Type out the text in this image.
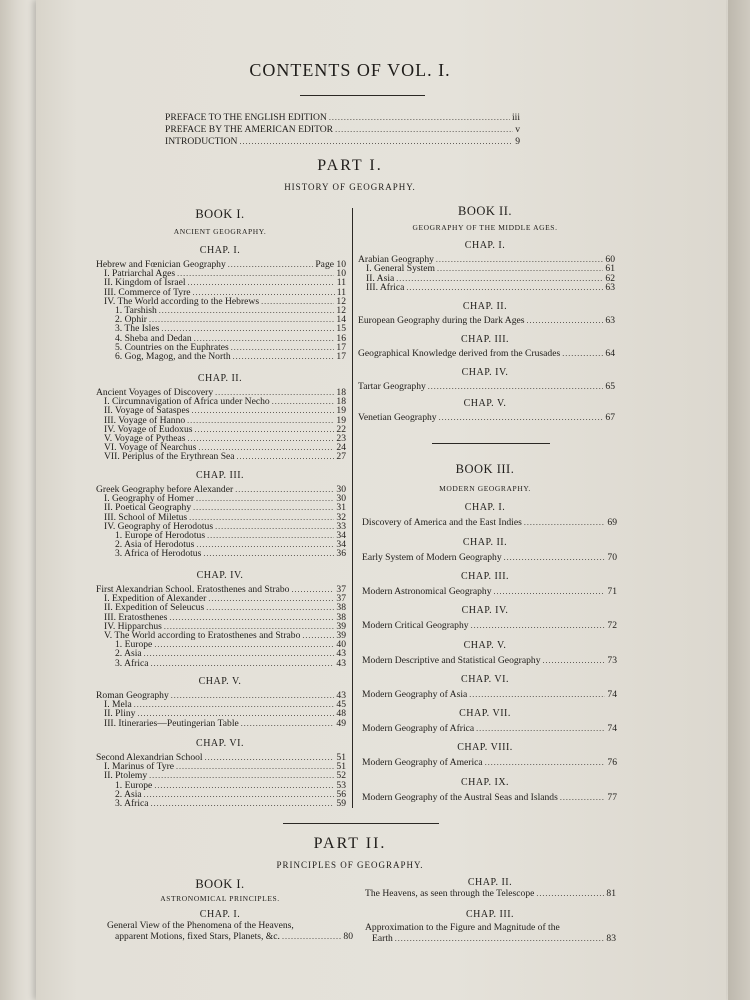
CONTENTS OF VOL. I.
PREFACE TO THE ENGLISH EDITION .....	iii
PREFACE BY THE AMERICAN EDITOR .....	v
INTRODUCTION .....	9
PART I.
HISTORY OF GEOGRAPHY.
BOOK I.
ANCIENT GEOGRAPHY.
CHAP. I.
Hebrew and Fœnician Geography .....	Page 10
I. Patriarchal Ages .....	10
II. Kingdom of Israel .....	11
III. Commerce of Tyre .....	11
IV. The World according to the Hebrews .....	12
1. Tarshish .....	12
2. Ophir .....	14
3. The Isles .....	15
4. Sheba and Dedan .....	16
5. Countries on the Euphrates .....	17
6. Gog, Magog, and the North .....	17
CHAP. II.
Ancient Voyages of Discovery .....	18
I. Circumnavigation of Africa under Necho .....	18
II. Voyage of Sataspes .....	19
III. Voyage of Hanno .....	19
IV. Voyage of Eudoxus .....	22
V. Voyage of Pytheas .....	23
VI. Voyage of Nearchus .....	24
VII. Periplus of the Erythrean Sea .....	27
CHAP. III.
Greek Geography before Alexander .....	30
I. Geography of Homer .....	30
II. Poetical Geography .....	31
III. School of Miletus .....	32
IV. Geography of Herodotus .....	33
1. Europe of Herodotus .....	34
2. Asia of Herodotus .....	34
3. Africa of Herodotus .....	36
CHAP. IV.
First Alexandrian School. Eratosthenes and Strabo .....	37
I. Expedition of Alexander .....	37
II. Expedition of Seleucus .....	38
III. Eratosthenes .....	38
IV. Hipparchus .....	39
V. The World according to Eratosthenes and Strabo .....	39
1. Europe .....	40
2. Asia .....	43
3. Africa .....	43
CHAP. V.
Roman Geography .....	43
I. Mela .....	45
II. Pliny .....	48
III. Itineraries—Peutingerian Table .....	49
CHAP. VI.
Second Alexandrian School .....	51
I. Marinus of Tyre .....	51
II. Ptolemy .....	52
1. Europe .....	53
2. Asia .....	56
3. Africa .....	59
BOOK II.
GEOGRAPHY OF THE MIDDLE AGES.
CHAP. I.
Arabian Geography .....	60
I. General System .....	61
II. Asia .....	62
III. Africa .....	63
CHAP. II.
European Geography during the Dark Ages .....	63
CHAP. III.
Geographical Knowledge derived from the Crusades .....	64
CHAP. IV.
Tartar Geography .....	65
CHAP. V.
Venetian Geography .....	67
BOOK III.
MODERN GEOGRAPHY.
CHAP. I.
Discovery of America and the East Indies .....	69
CHAP. II.
Early System of Modern Geography .....	70
CHAP. III.
Modern Astronomical Geography .....	71
CHAP. IV.
Modern Critical Geography .....	72
CHAP. V.
Modern Descriptive and Statistical Geography .....	73
CHAP. VI.
Modern Geography of Asia .....	74
CHAP. VII.
Modern Geography of Africa .....	74
CHAP. VIII.
Modern Geography of America .....	76
CHAP. IX.
Modern Geography of the Austral Seas and Islands .....	77
PART II.
PRINCIPLES OF GEOGRAPHY.
BOOK I.
ASTRONOMICAL PRINCIPLES.
CHAP. I.
General View of the Phenomena of the Heavens,
apparent Motions, fixed Stars, Planets, &c. .....	80
CHAP. II.
The Heavens, as seen through the Telescope .....	81
CHAP. III.
Approximation to the Figure and Magnitude of the
Earth .....	83
